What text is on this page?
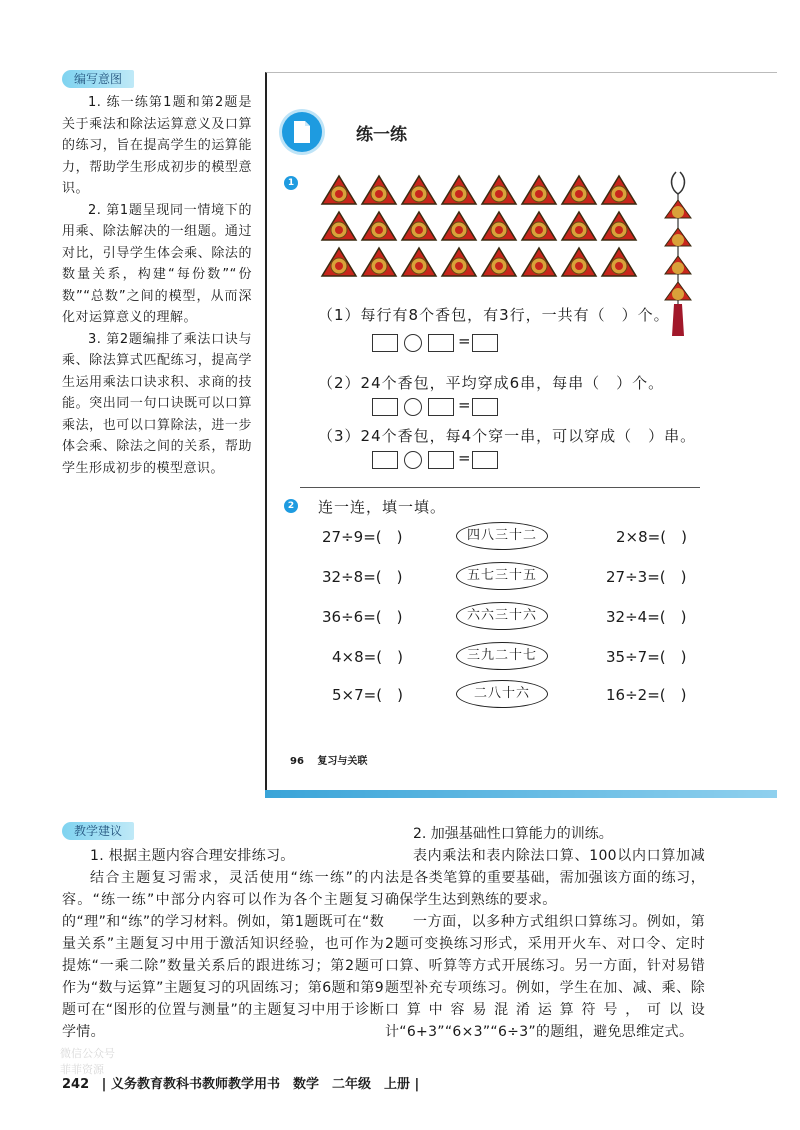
编写意图

1. 练一练第1题和第2题是关于乘法和除法运算意义及口算的练习，旨在提高学生的运算能力，帮助学生形成初步的模型意识。

2. 第1题呈现同一情境下的用乘、除法解决的一组题。通过对比，引导学生体会乘、除法的数量关系，构建“每份数”“份数”“总数”之间的模型，从而深化对运算意义的理解。

3. 第2题编排了乘法口诀与乘、除法算式匹配练习，提高学生运用乘法口诀求积、求商的技能。突出同一句口诀既可以口算乘法，也可以口算除法，进一步体会乘、除法之间的关系，帮助学生形成初步的模型意识。

练一练
1
（1）每行有8个香包，有3行，一共有（　）个。
=
（2）24个香包，平均穿成6串，每串（　）个。
=
（3）24个香包，每4个穿一串，可以穿成（　）串。
=
2 连一连，填一填。
27÷9=(　)
32÷8=(　)
36÷6=(　)
4×8=(　)
5×7=(　)
四八三十二
五七三十五
六六三十六
三九二十七
二八十六
2×8=(　)
27÷3=(　)
32÷4=(　)
35÷7=(　)
16÷2=(　)
96 复习与关联
教学建议

1. 根据主题内容合理安排练习。

结合主题复习需求，灵活使用“练一练”的内容。“练一练”中部分内容可以作为各个主题复习的“理”和“练”的学习材料。例如，第1题既可在“数量关系”主题复习中用于激活知识经验，也可作为提炼“一乘二除”数量关系后的跟进练习；第2题可作为“数与运算”主题复习的巩固练习；第6题和第9题可在“图形的位置与测量”的主题复习中用于诊断学情。

2. 加强基础性口算能力的训练。

表内乘法和表内除法口算、100以内口算加减法是各类笔算的重要基础，需加强该方面的练习，确保学生达到熟练的要求。

一方面，以多种方式组织口算练习。例如，第2题可变换练习形式，采用开火车、对口令、定时口算、听算等方式开展练习。另一方面，针对易错题型补充专项练习。例如，学生在加、减、乘、除口算中容易混淆运算符号，可以设计“6+3”“6×3”“6÷3”的题组，避免思维定式。

微信公众号
菲菲资源
242 | 义务教育教科书教师教学用书　数学　二年级　上册 |
